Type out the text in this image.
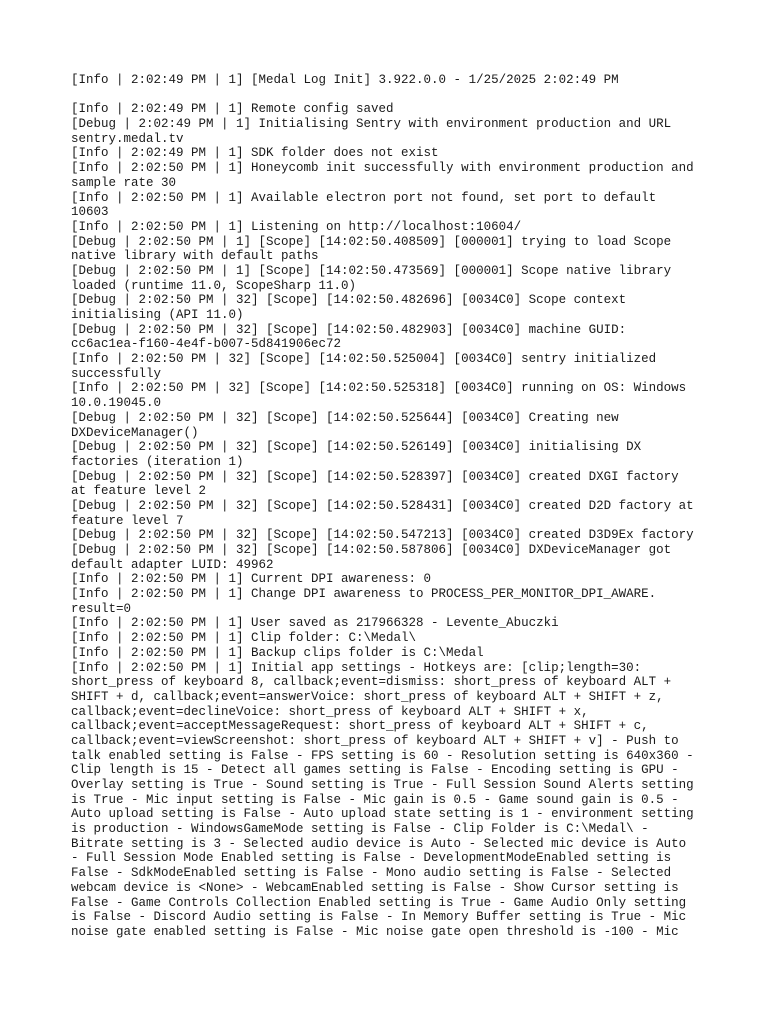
[Info | 2:02:49 PM | 1] [Medal Log Init] 3.922.0.0 - 1/25/2025 2:02:49 PM

[Info | 2:02:49 PM | 1] Remote config saved
[Debug | 2:02:49 PM | 1] Initialising Sentry with environment production and URL
sentry.medal.tv
[Info | 2:02:49 PM | 1] SDK folder does not exist
[Info | 2:02:50 PM | 1] Honeycomb init successfully with environment production and
sample rate 30
[Info | 2:02:50 PM | 1] Available electron port not found, set port to default
10603
[Info | 2:02:50 PM | 1] Listening on http://localhost:10604/
[Debug | 2:02:50 PM | 1] [Scope] [14:02:50.408509] [000001] trying to load Scope
native library with default paths
[Debug | 2:02:50 PM | 1] [Scope] [14:02:50.473569] [000001] Scope native library
loaded (runtime 11.0, ScopeSharp 11.0)
[Debug | 2:02:50 PM | 32] [Scope] [14:02:50.482696] [0034C0] Scope context
initialising (API 11.0)
[Debug | 2:02:50 PM | 32] [Scope] [14:02:50.482903] [0034C0] machine GUID:
cc6ac1ea-f160-4e4f-b007-5d841906ec72
[Info | 2:02:50 PM | 32] [Scope] [14:02:50.525004] [0034C0] sentry initialized
successfully
[Info | 2:02:50 PM | 32] [Scope] [14:02:50.525318] [0034C0] running on OS: Windows
10.0.19045.0
[Debug | 2:02:50 PM | 32] [Scope] [14:02:50.525644] [0034C0] Creating new
DXDeviceManager()
[Debug | 2:02:50 PM | 32] [Scope] [14:02:50.526149] [0034C0] initialising DX
factories (iteration 1)
[Debug | 2:02:50 PM | 32] [Scope] [14:02:50.528397] [0034C0] created DXGI factory
at feature level 2
[Debug | 2:02:50 PM | 32] [Scope] [14:02:50.528431] [0034C0] created D2D factory at
feature level 7
[Debug | 2:02:50 PM | 32] [Scope] [14:02:50.547213] [0034C0] created D3D9Ex factory
[Debug | 2:02:50 PM | 32] [Scope] [14:02:50.587806] [0034C0] DXDeviceManager got
default adapter LUID: 49962
[Info | 2:02:50 PM | 1] Current DPI awareness: 0
[Info | 2:02:50 PM | 1] Change DPI awareness to PROCESS_PER_MONITOR_DPI_AWARE.
result=0
[Info | 2:02:50 PM | 1] User saved as 217966328 - Levente_Abuczki
[Info | 2:02:50 PM | 1] Clip folder: C:\Medal\
[Info | 2:02:50 PM | 1] Backup clips folder is C:\Medal
[Info | 2:02:50 PM | 1] Initial app settings - Hotkeys are: [clip;length=30:
short_press of keyboard 8, callback;event=dismiss: short_press of keyboard ALT +
SHIFT + d, callback;event=answerVoice: short_press of keyboard ALT + SHIFT + z,
callback;event=declineVoice: short_press of keyboard ALT + SHIFT + x,
callback;event=acceptMessageRequest: short_press of keyboard ALT + SHIFT + c,
callback;event=viewScreenshot: short_press of keyboard ALT + SHIFT + v] - Push to
talk enabled setting is False - FPS setting is 60 - Resolution setting is 640x360 -
Clip length is 15 - Detect all games setting is False - Encoding setting is GPU -
Overlay setting is True - Sound setting is True - Full Session Sound Alerts setting
is True - Mic input setting is False - Mic gain is 0.5 - Game sound gain is 0.5 -
Auto upload setting is False - Auto upload state setting is 1 - environment setting
is production - WindowsGameMode setting is False - Clip Folder is C:\Medal\ -
Bitrate setting is 3 - Selected audio device is Auto - Selected mic device is Auto
- Full Session Mode Enabled setting is False - DevelopmentModeEnabled setting is
False - SdkModeEnabled setting is False - Mono audio setting is False - Selected
webcam device is <None> - WebcamEnabled setting is False - Show Cursor setting is
False - Game Controls Collection Enabled setting is True - Game Audio Only setting
is False - Discord Audio setting is False - In Memory Buffer setting is True - Mic
noise gate enabled setting is False - Mic noise gate open threshold is -100 - Mic
